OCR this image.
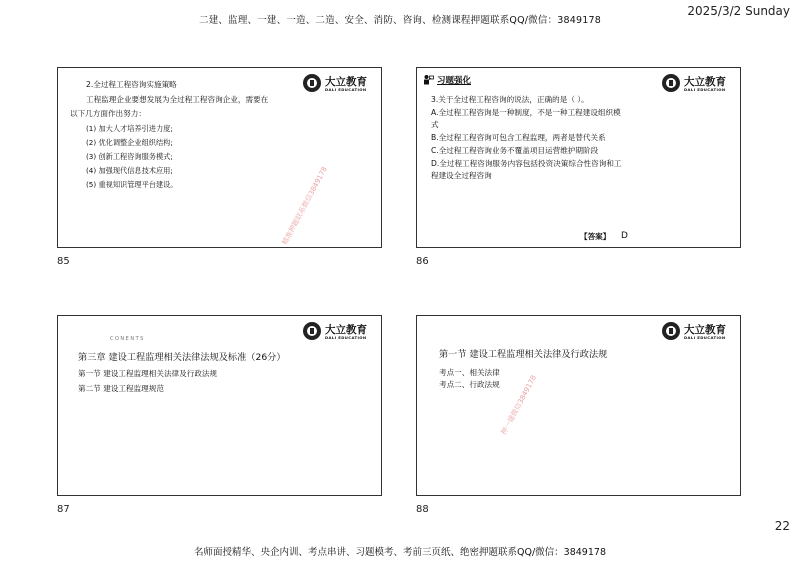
二建、监理、一建、一造、二造、安全、消防、咨询、检测课程押题联系QQ/微信：3849178
2025/3/2 Sunday
大立教育
DALI EDUCATION
2.全过程工程咨询实施策略
工程监理企业要想发展为全过程工程咨询企业，需要在
以下几方面作出努力：
(1) 加大人才培养引进力度;
(2) 优化调整企业组织结构;
(3) 创新工程咨询服务模式;
(4) 加强现代信息技术应用;
(5) 重视知识管理平台建设。	精准押题联系微信3849178
85
习题强化	大立教育
DALI EDUCATION
3.关于全过程工程咨询的说法，正确的是（ ）。
A.全过程工程咨询是一种制度，不是一种工程建设组织模
式
B.全过程工程咨询可包含工程监理，两者是替代关系
C.全过程工程咨询业务不覆盖项目运营维护期阶段
D.全过程工程咨询服务内容包括投资决策综合性咨询和工
程建设全过程咨询
【答案】 D
86
大立教育
DALI EDUCATION
CONENTS
第三章 建设工程监理相关法律法规及标准（26分）
第一节 建设工程监理相关法律及行政法规
第二节 建设工程监理规范
87
大立教育
DALI EDUCATION
第一节 建设工程监理相关法律及行政法规
考点一、相关法律
考点二、行政法规 押一建微信3849178
88
22
名师面授精华、央企内训、考点串讲、习题模考、考前三页纸、绝密押题联系QQ/微信：3849178
